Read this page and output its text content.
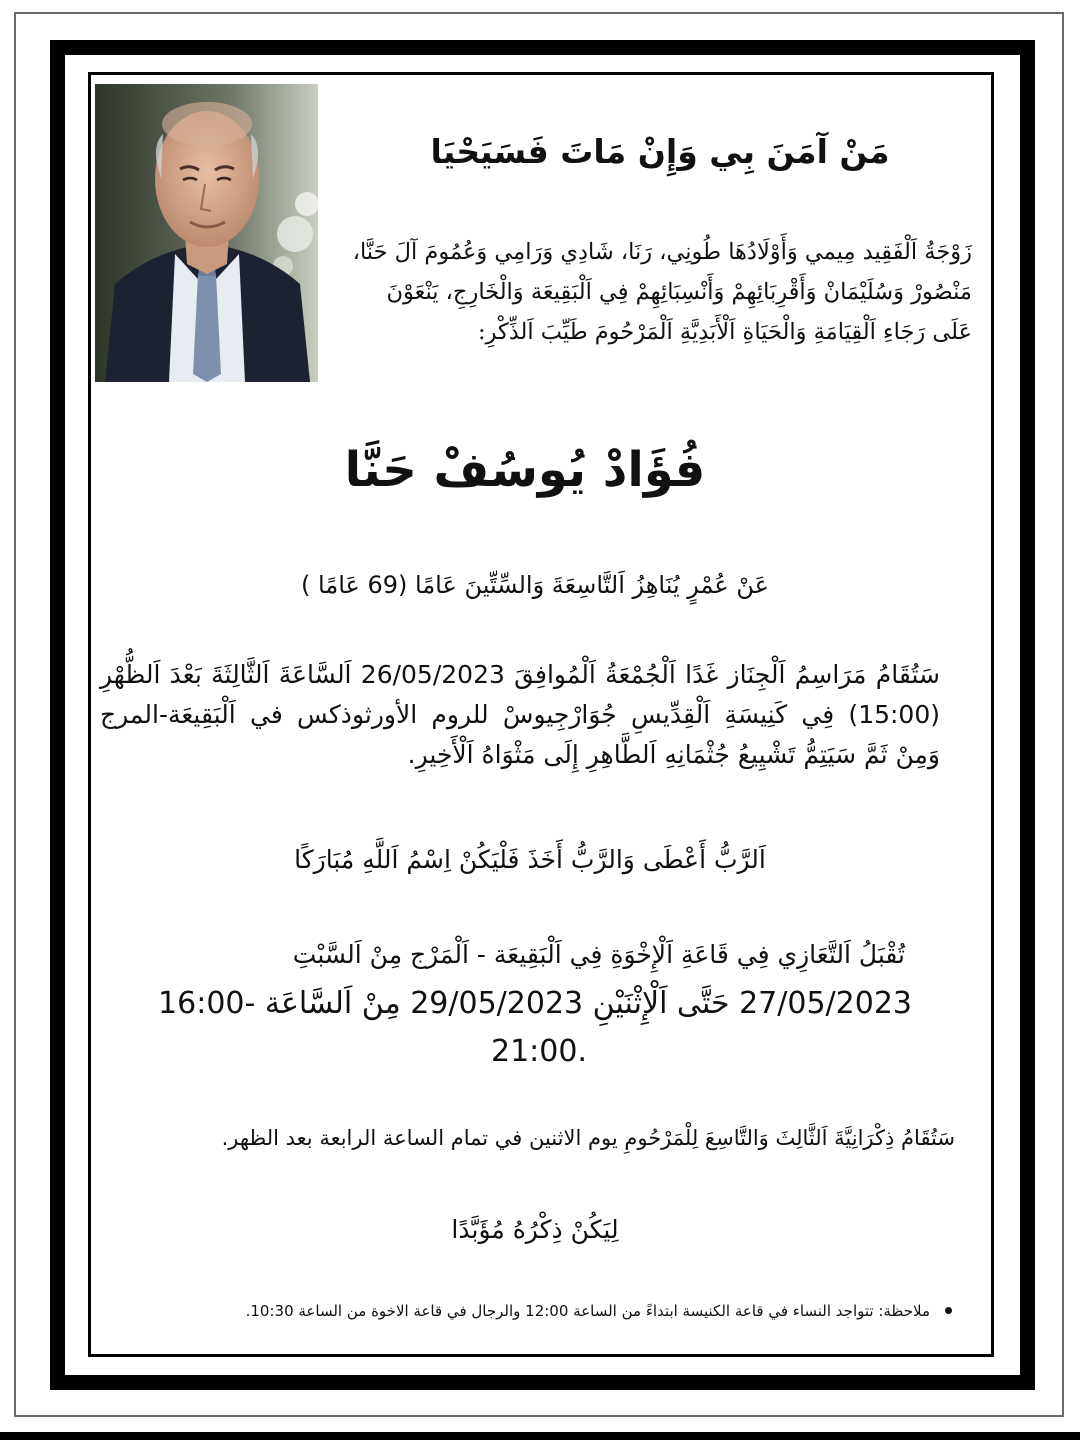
مَنْ آمَنَ بِي وَإِنْ مَاتَ فَسَيَحْيَا
زَوْجَةُ اَلْفَقِيد مِيمي وَأَوْلَادُهَا طُونِي، رَنَا، شَادِي وَرَامِي وَعُمُومَ آلَ حَنَّا، مَنْصُورْ وَسُلَيْمَانْ وَأَقْرِبَائِهِمْ وَأَنْسِبَائِهِمْ فِي اَلْبَقِيعَة وَالْخَارِجِ، يَنْعَوْنَ عَلَى رَجَاءِ اَلْقِيَامَةِ وَالْحَيَاةِ اَلْأَبَدِيَّةِ اَلْمَرْحُومَ طَيِّبَ اَلذِّكْرِ:
فُؤَادْ يُوسُفْ حَنَّا
عَنْ عُمْرٍ يُنَاهِزُ اَلتَّاسِعَةَ وَالسِّتِّينَ عَامًا (69 عَامًا )
سَتُقَامُ مَرَاسِمُ اَلْجِنَاز غَدًا اَلْجُمْعَةُ اَلْمُوافِقَ 26/05/2023 اَلسَّاعَةَ اَلثَّالِثَةَ بَعْدَ اَلظُّهْرِ (15:00) فِي كَنِيسَةِ اَلْقِدِّيسِ جُوَارْجِيوسْ للروم الأورثوذكس في اَلْبَقِيعَة-المرج وَمِنْ ثَمَّ سَيَتِمُّ تَشْيِيعُ جُثْمَانِهِ اَلطَّاهِرِ إِلَى مَثْوَاهُ اَلْأَخِيرِ.
اَلرَّبُّ أَعْطَى وَالرَّبُّ أَخَذَ فَلْيَكُنْ اِسْمُ اَللَّهِ مُبَارَكًا
تُقْبَلُ اَلتَّعَازِي فِي قَاعَةِ اَلْإِخْوَةِ فِي اَلْبَقِيعَة - اَلْمَرْج مِنْ اَلسَّبْتِ
27/05/2023 حَتَّى اَلْإِثْنَيْنِ 29/05/2023 مِنْ اَلسَّاعَة -16:00
21:00.
سَتُقَامُ ذِكْرَانِيَّةَ اَلثَّالِثَ وَالتَّاسِعَ لِلْمَرْحُومِ يوم الاثنين في تمام الساعة الرابعة بعد الظهر.
لِيَكُنْ ذِكْرُهُ مُؤَبَّدًا
ملاحظة: تتواجد النساء في قاعة الكنيسة ابتداءً من الساعة 12:00 والرجال في قاعة الاخوة من الساعة 10:30.
